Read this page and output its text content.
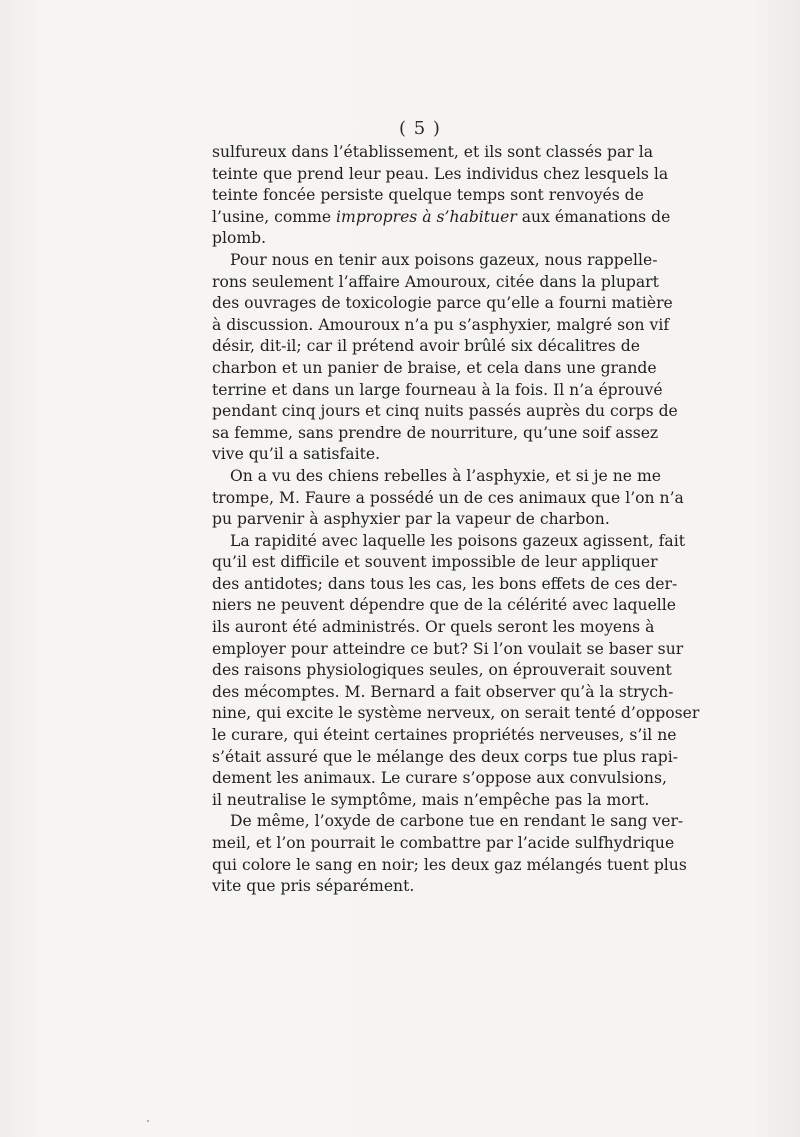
( 5 )
sulfureux dans l’établissement, et ils sont classés par la
teinte que prend leur peau. Les individus chez lesquels la
teinte foncée persiste quelque temps sont renvoyés de
l’usine, comme impropres à s’habituer aux émanations de
plomb.
Pour nous en tenir aux poisons gazeux, nous rappelle-
rons seulement l’affaire Amouroux, citée dans la plupart
des ouvrages de toxicologie parce qu’elle a fourni matière
à discussion. Amouroux n’a pu s’asphyxier, malgré son vif
désir, dit-il; car il prétend avoir brûlé six décalitres de
charbon et un panier de braise, et cela dans une grande
terrine et dans un large fourneau à la fois. Il n’a éprouvé
pendant cinq jours et cinq nuits passés auprès du corps de
sa femme, sans prendre de nourriture, qu’une soif assez
vive qu’il a satisfaite.
On a vu des chiens rebelles à l’asphyxie, et si je ne me
trompe, M. Faure a possédé un de ces animaux que l’on n’a
pu parvenir à asphyxier par la vapeur de charbon.
La rapidité avec laquelle les poisons gazeux agissent, fait
qu’il est difficile et souvent impossible de leur appliquer
des antidotes; dans tous les cas, les bons effets de ces der-
niers ne peuvent dépendre que de la célérité avec laquelle
ils auront été administrés. Or quels seront les moyens à
employer pour atteindre ce but? Si l’on voulait se baser sur
des raisons physiologiques seules, on éprouverait souvent
des mécomptes. M. Bernard a fait observer qu’à la strych-
nine, qui excite le système nerveux, on serait tenté d’opposer
le curare, qui éteint certaines propriétés nerveuses, s’il ne
s’était assuré que le mélange des deux corps tue plus rapi-
dement les animaux. Le curare s’oppose aux convulsions,
il neutralise le symptôme, mais n’empêche pas la mort.
De même, l’oxyde de carbone tue en rendant le sang ver-
meil, et l’on pourrait le combattre par l’acide sulfhydrique
qui colore le sang en noir; les deux gaz mélangés tuent plus
vite que pris séparément.
